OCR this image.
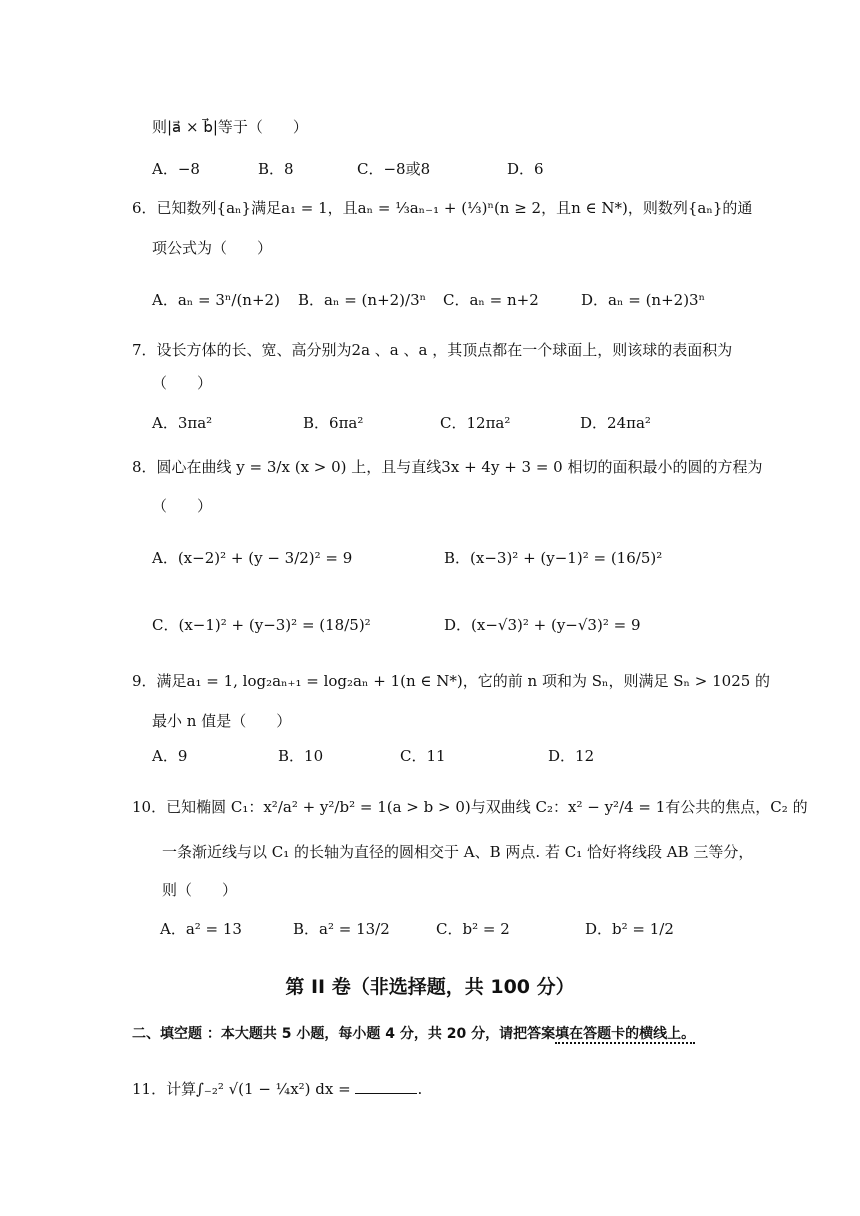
则|a⃗ × b⃗|等于（　　）
A．−8	B．8	C．−8或8	D．6
6．已知数列{aₙ}满足a₁ = 1，且aₙ = ⅓aₙ₋₁ + (⅓)ⁿ(n ≥ 2，且n ∈ N*)，则数列{aₙ}的通
项公式为（　　）
A．aₙ = 3ⁿ/(n+2) B．aₙ = (n+2)/3ⁿ C．aₙ = n+2	D．aₙ = (n+2)3ⁿ
7．设长方体的长、宽、高分别为2a 、a 、a ，其顶点都在一个球面上，则该球的表面积为
（　　）
A．3πa²	B．6πa²	C．12πa²	D．24πa²
8．圆心在曲线 y = 3/x (x > 0) 上，且与直线3x + 4y + 3 = 0 相切的面积最小的圆的方程为
（　　）
A．(x−2)² + (y − 3/2)² = 9	B．(x−3)² + (y−1)² = (16/5)²
C．(x−1)² + (y−3)² = (18/5)²	D．(x−√3)² + (y−√3)² = 9
9．满足a₁ = 1, log₂aₙ₊₁ = log₂aₙ + 1(n ∈ N*)，它的前 n 项和为 Sₙ，则满足 Sₙ > 1025 的
最小 n 值是（　　）
A．9	B．10	C．11	D．12
10．已知椭圆 C₁：x²/a² + y²/b² = 1(a > b > 0)与双曲线 C₂：x² − y²/4 = 1有公共的焦点，C₂ 的
一条渐近线与以 C₁ 的长轴为直径的圆相交于 A、B 两点. 若 C₁ 恰好将线段 AB 三等分，
则（　　）
A．a² = 13	B．a² = 13/2	C．b² = 2	D．b² = 1/2
第 II 卷（非选择题，共 100 分）
二、填空题 ：本大题共 5 小题，每小题 4 分，共 20 分，请把答案填在答题卡的横线上。
11．计算∫₋₂² √(1 − ¼x²) dx =	.
